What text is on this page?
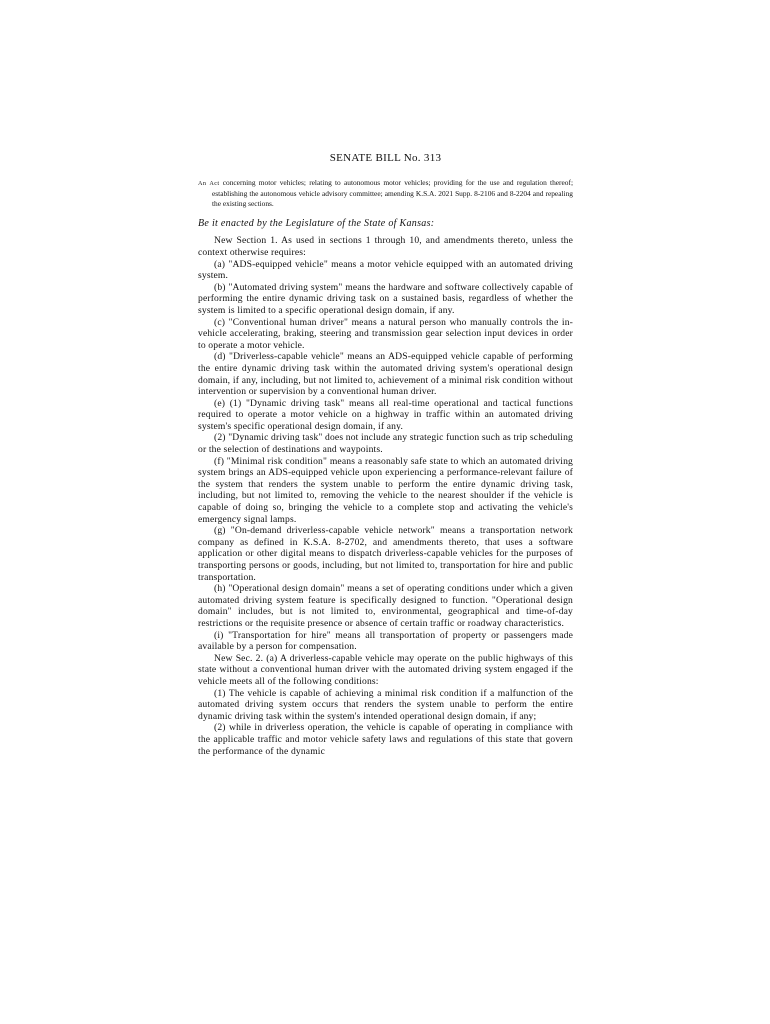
SENATE BILL No. 313
An Act concerning motor vehicles; relating to autonomous motor vehicles; providing for the use and regulation thereof; establishing the autonomous vehicle advisory committee; amending K.S.A. 2021 Supp. 8-2106 and 8-2204 and repealing the existing sections.
Be it enacted by the Legislature of the State of Kansas:

New Section 1. As used in sections 1 through 10, and amendments thereto, unless the context otherwise requires:

(a) "ADS-equipped vehicle" means a motor vehicle equipped with an automated driving system.

(b) "Automated driving system" means the hardware and software collectively capable of performing the entire dynamic driving task on a sustained basis, regardless of whether the system is limited to a specific operational design domain, if any.

(c) "Conventional human driver" means a natural person who manually controls the in-vehicle accelerating, braking, steering and transmission gear selection input devices in order to operate a motor vehicle.

(d) "Driverless-capable vehicle" means an ADS-equipped vehicle capable of performing the entire dynamic driving task within the automated driving system's operational design domain, if any, including, but not limited to, achievement of a minimal risk condition without intervention or supervision by a conventional human driver.

(e) (1) "Dynamic driving task" means all real-time operational and tactical functions required to operate a motor vehicle on a highway in traffic within an automated driving system's specific operational design domain, if any.

(2) "Dynamic driving task" does not include any strategic function such as trip scheduling or the selection of destinations and waypoints.

(f) "Minimal risk condition" means a reasonably safe state to which an automated driving system brings an ADS-equipped vehicle upon experiencing a performance-relevant failure of the system that renders the system unable to perform the entire dynamic driving task, including, but not limited to, removing the vehicle to the nearest shoulder if the vehicle is capable of doing so, bringing the vehicle to a complete stop and activating the vehicle's emergency signal lamps.

(g) "On-demand driverless-capable vehicle network" means a transportation network company as defined in K.S.A. 8-2702, and amendments thereto, that uses a software application or other digital means to dispatch driverless-capable vehicles for the purposes of transporting persons or goods, including, but not limited to, transportation for hire and public transportation.

(h) "Operational design domain" means a set of operating conditions under which a given automated driving system feature is specifically designed to function. "Operational design domain" includes, but is not limited to, environmental, geographical and time-of-day restrictions or the requisite presence or absence of certain traffic or roadway characteristics.

(i) "Transportation for hire" means all transportation of property or passengers made available by a person for compensation.

New Sec. 2. (a) A driverless-capable vehicle may operate on the public highways of this state without a conventional human driver with the automated driving system engaged if the vehicle meets all of the following conditions:

(1) The vehicle is capable of achieving a minimal risk condition if a malfunction of the automated driving system occurs that renders the system unable to perform the entire dynamic driving task within the system's intended operational design domain, if any;

(2) while in driverless operation, the vehicle is capable of operating in compliance with the applicable traffic and motor vehicle safety laws and regulations of this state that govern the performance of the dynamic
